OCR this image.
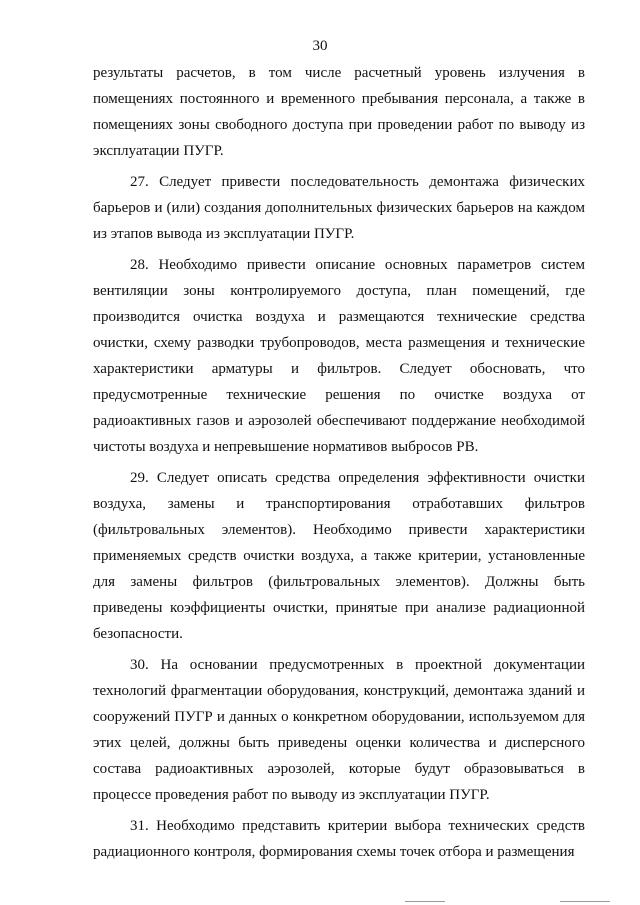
30

результаты расчетов, в том числе расчетный уровень излучения в помещениях постоянного и временного пребывания персонала, а также в помещениях зоны свободного доступа при проведении работ по выводу из эксплуатации ПУГР.

27. Следует привести последовательность демонтажа физических барьеров и (или) создания дополнительных физических барьеров на каждом из этапов вывода из эксплуатации ПУГР.

28. Необходимо привести описание основных параметров систем вентиляции зоны контролируемого доступа, план помещений, где производится очистка воздуха и размещаются технические средства очистки, схему разводки трубопроводов, места размещения и технические характеристики арматуры и фильтров. Следует обосновать, что предусмотренные технические решения по очистке воздуха от радиоактивных газов и аэрозолей обеспечивают поддержание необходимой чистоты воздуха и непревышение нормативов выбросов РВ.

29. Следует описать средства определения эффективности очистки воздуха, замены и транспортирования отработавших фильтров (фильтровальных элементов). Необходимо привести характеристики применяемых средств очистки воздуха, а также критерии, установленные для замены фильтров (фильтровальных элементов). Должны быть приведены коэффициенты очистки, принятые при анализе радиационной безопасности.

30. На основании предусмотренных в проектной документации технологий фрагментации оборудования, конструкций, демонтажа зданий и сооружений ПУГР и данных о конкретном оборудовании, используемом для этих целей, должны быть приведены оценки количества и дисперсного состава радиоактивных аэрозолей, которые будут образовываться в процессе проведения работ по выводу из эксплуатации ПУГР.

31. Необходимо представить критерии выбора технических средств радиационного контроля, формирования схемы точек отбора и размещения
